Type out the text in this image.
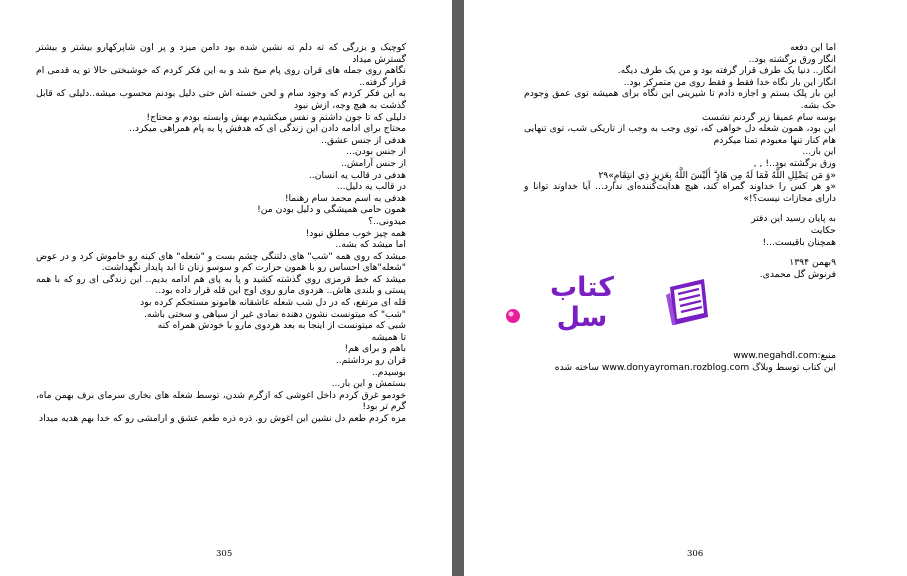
کوچیک و بزرگی که ته دلم ته نشین شده بود دامن میزد و پر اون شاپرکهارو بیشتر و بیشتر گسترش میداد

نگاهم روی جمله های قران روی پام میخ شد و به این فکر کردم که خوشبختی حالا تو یه قدمی ام قرار گرفته..

به این فکر کردم که وجود سام و لحن خسته اش حتی دلیل بودنم محسوب میشه..دلیلی که قابل گذشت به هیچ وجه، ازش نبود

دلیلی که تا جون داشتم و نفس میکشیدم بهش وابسته بودم و محتاج!

محتاج برای ادامه دادن این زندگی ای که هدفش پا به پام همراهی میکرد..

هدفی از جنس عشق..

از جنس بودن...

از جنس آرامش..

هدفی در قالب یه انسان..

در قالب یه دلیل...

هدفی به اسم محمد سام رهنما!

همون حامی همیشگی و دلیل بودن من!

میدونی..؟

همه چیز خوب مطلق نبود!

اما میشد که بشه..

میشد که روی همه "شب" های دلتنگی چشم بست و "شعله" های کینه رو خاموش کرد و در عوض "شعله"های احساس رو با همون حرارت کم و سوسو زنان تا ابد پایدار نگهداشت.

میشد که خط قرمزی روی گذشته کشید و پا به پای هم ادامه بدیم.. این زندگی ای رو که با همه پستی و بلندی هاش.. هردوی مارو روی اوج این قله قرار داده بود..

قله ای مرتفع، که در دل شب شعله عاشقانه هامونو مستحکم کرده بود

"شب" که میتونست نشون دهنده نمادی غیر از سیاهی و سختی باشه.

شبی که میتونست از اینجا به بعد هردوی مارو با خودش همراه کنه

تا همیشه

باهم و برای هم!

قران رو برداشتم..

بوسیدم..

بستمش و این بار...

خودمو غرق کردم داخل اغوشی که ازگرم شدن، توسط شعله های بخاری سرمای برف بهمن ماه، گرم تر بود!

مزه کردم طعم دل نشین این اغوش رو. ذره ذره طعم عشق و ارامشی رو که خدا بهم هدیه میداد

305

اما این دفعه

انگار ورق برگشته بود..

انگار.. دنیا یک طرف قرار گرفته بود و من یک طرف دیگه.

انگار این بار نگاه خدا فقط و فقط روی من متمرکز بود..

این بار پلک بستم و اجازه دادم تا شیرینی این نگاه برای همیشه توی عمق وجودم حک بشه.

بوسه سام عمیقا زیر گردنم نشست

این بود، همون شعله دل خواهی که، توی وجب به وجب از تاریکی شب، توی تنهایی هام کنار تنها معبودم تمنا میکردم

این بار...

ورق برگشته بود..! , ,

«وَ مَن يَضْلِلِ اللَّهُ فَمَا لَهُ مِن هَادٍ ۗ أَلَيْسَ اللَّهُ بِعَزِيزٍ ذِي انتِقَامٍ»۲۹

«و هر کس را خداوند گمراه کند، هیچ هدایت‌کننده‌ای ندارد... آیا خداوند توانا و دارای مجازات نیست؟!»

به پایان رسید این دفتر

حکایت

همچنان باقیست...!

۹بهمن ۱۳۹۴

فرنوش گل محمدی.

کتاب
سل

منبع:www.negahdl.com

این کتاب توسط وبلاگ www.donyayroman.rozblog.com ساخته شده

306
